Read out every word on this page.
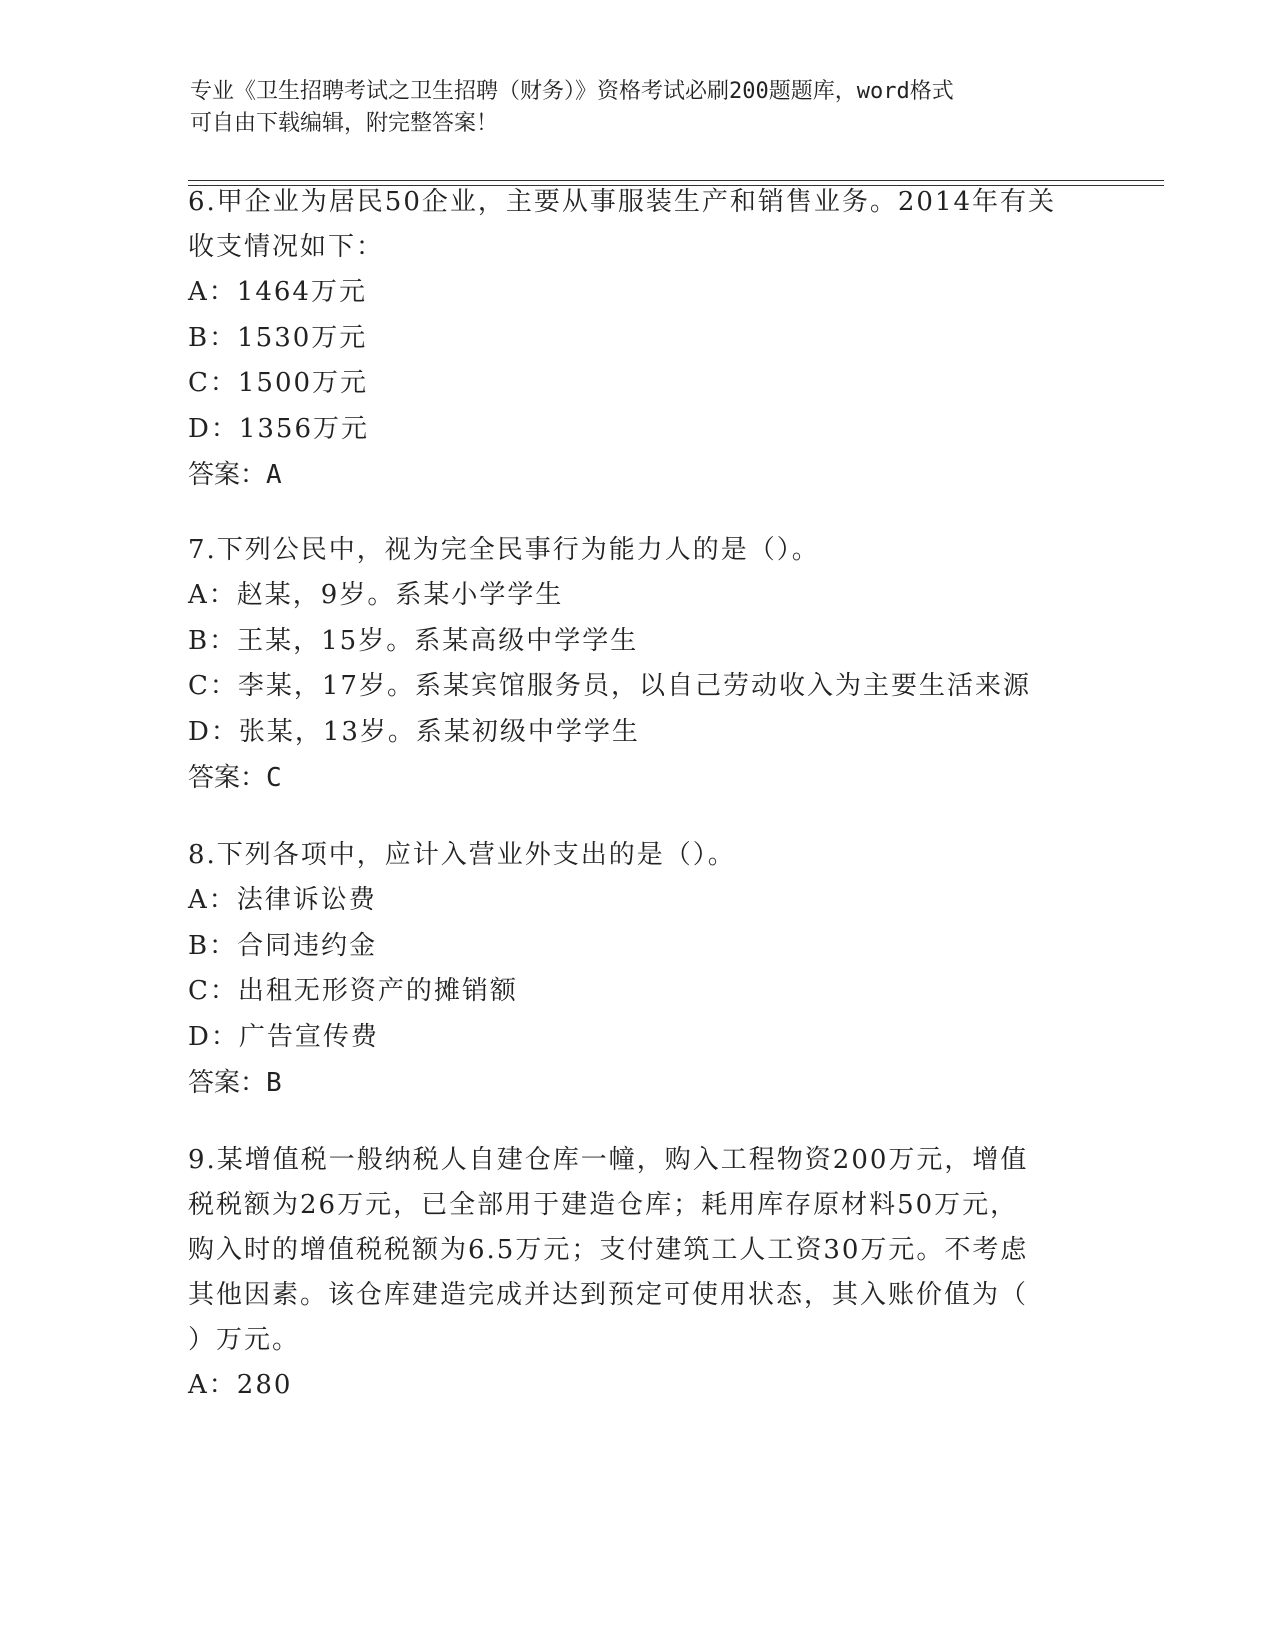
专业《卫生招聘考试之卫生招聘（财务）》资格考试必刷200题题库，word格式
可自由下载编辑，附完整答案！
6.甲企业为居民50企业，主要从事服装生产和销售业务。2014年有关
收支情况如下：
A：1464万元
B：1530万元
C：1500万元
D：1356万元
答案：A
7.下列公民中，视为完全民事行为能力人的是（）。
A：赵某，9岁。系某小学学生
B：王某，15岁。系某高级中学学生
C：李某，17岁。系某宾馆服务员，以自己劳动收入为主要生活来源
D：张某，13岁。系某初级中学学生
答案：C
8.下列各项中，应计入营业外支出的是（）。
A：法律诉讼费
B：合同违约金
C：出租无形资产的摊销额
D：广告宣传费
答案：B
9.某增值税一般纳税人自建仓库一幢，购入工程物资200万元，增值
税税额为26万元，已全部用于建造仓库；耗用库存原材料50万元，
购入时的增值税税额为6.5万元；支付建筑工人工资30万元。不考虑
其他因素。该仓库建造完成并达到预定可使用状态，其入账价值为（
）万元。
A：280
